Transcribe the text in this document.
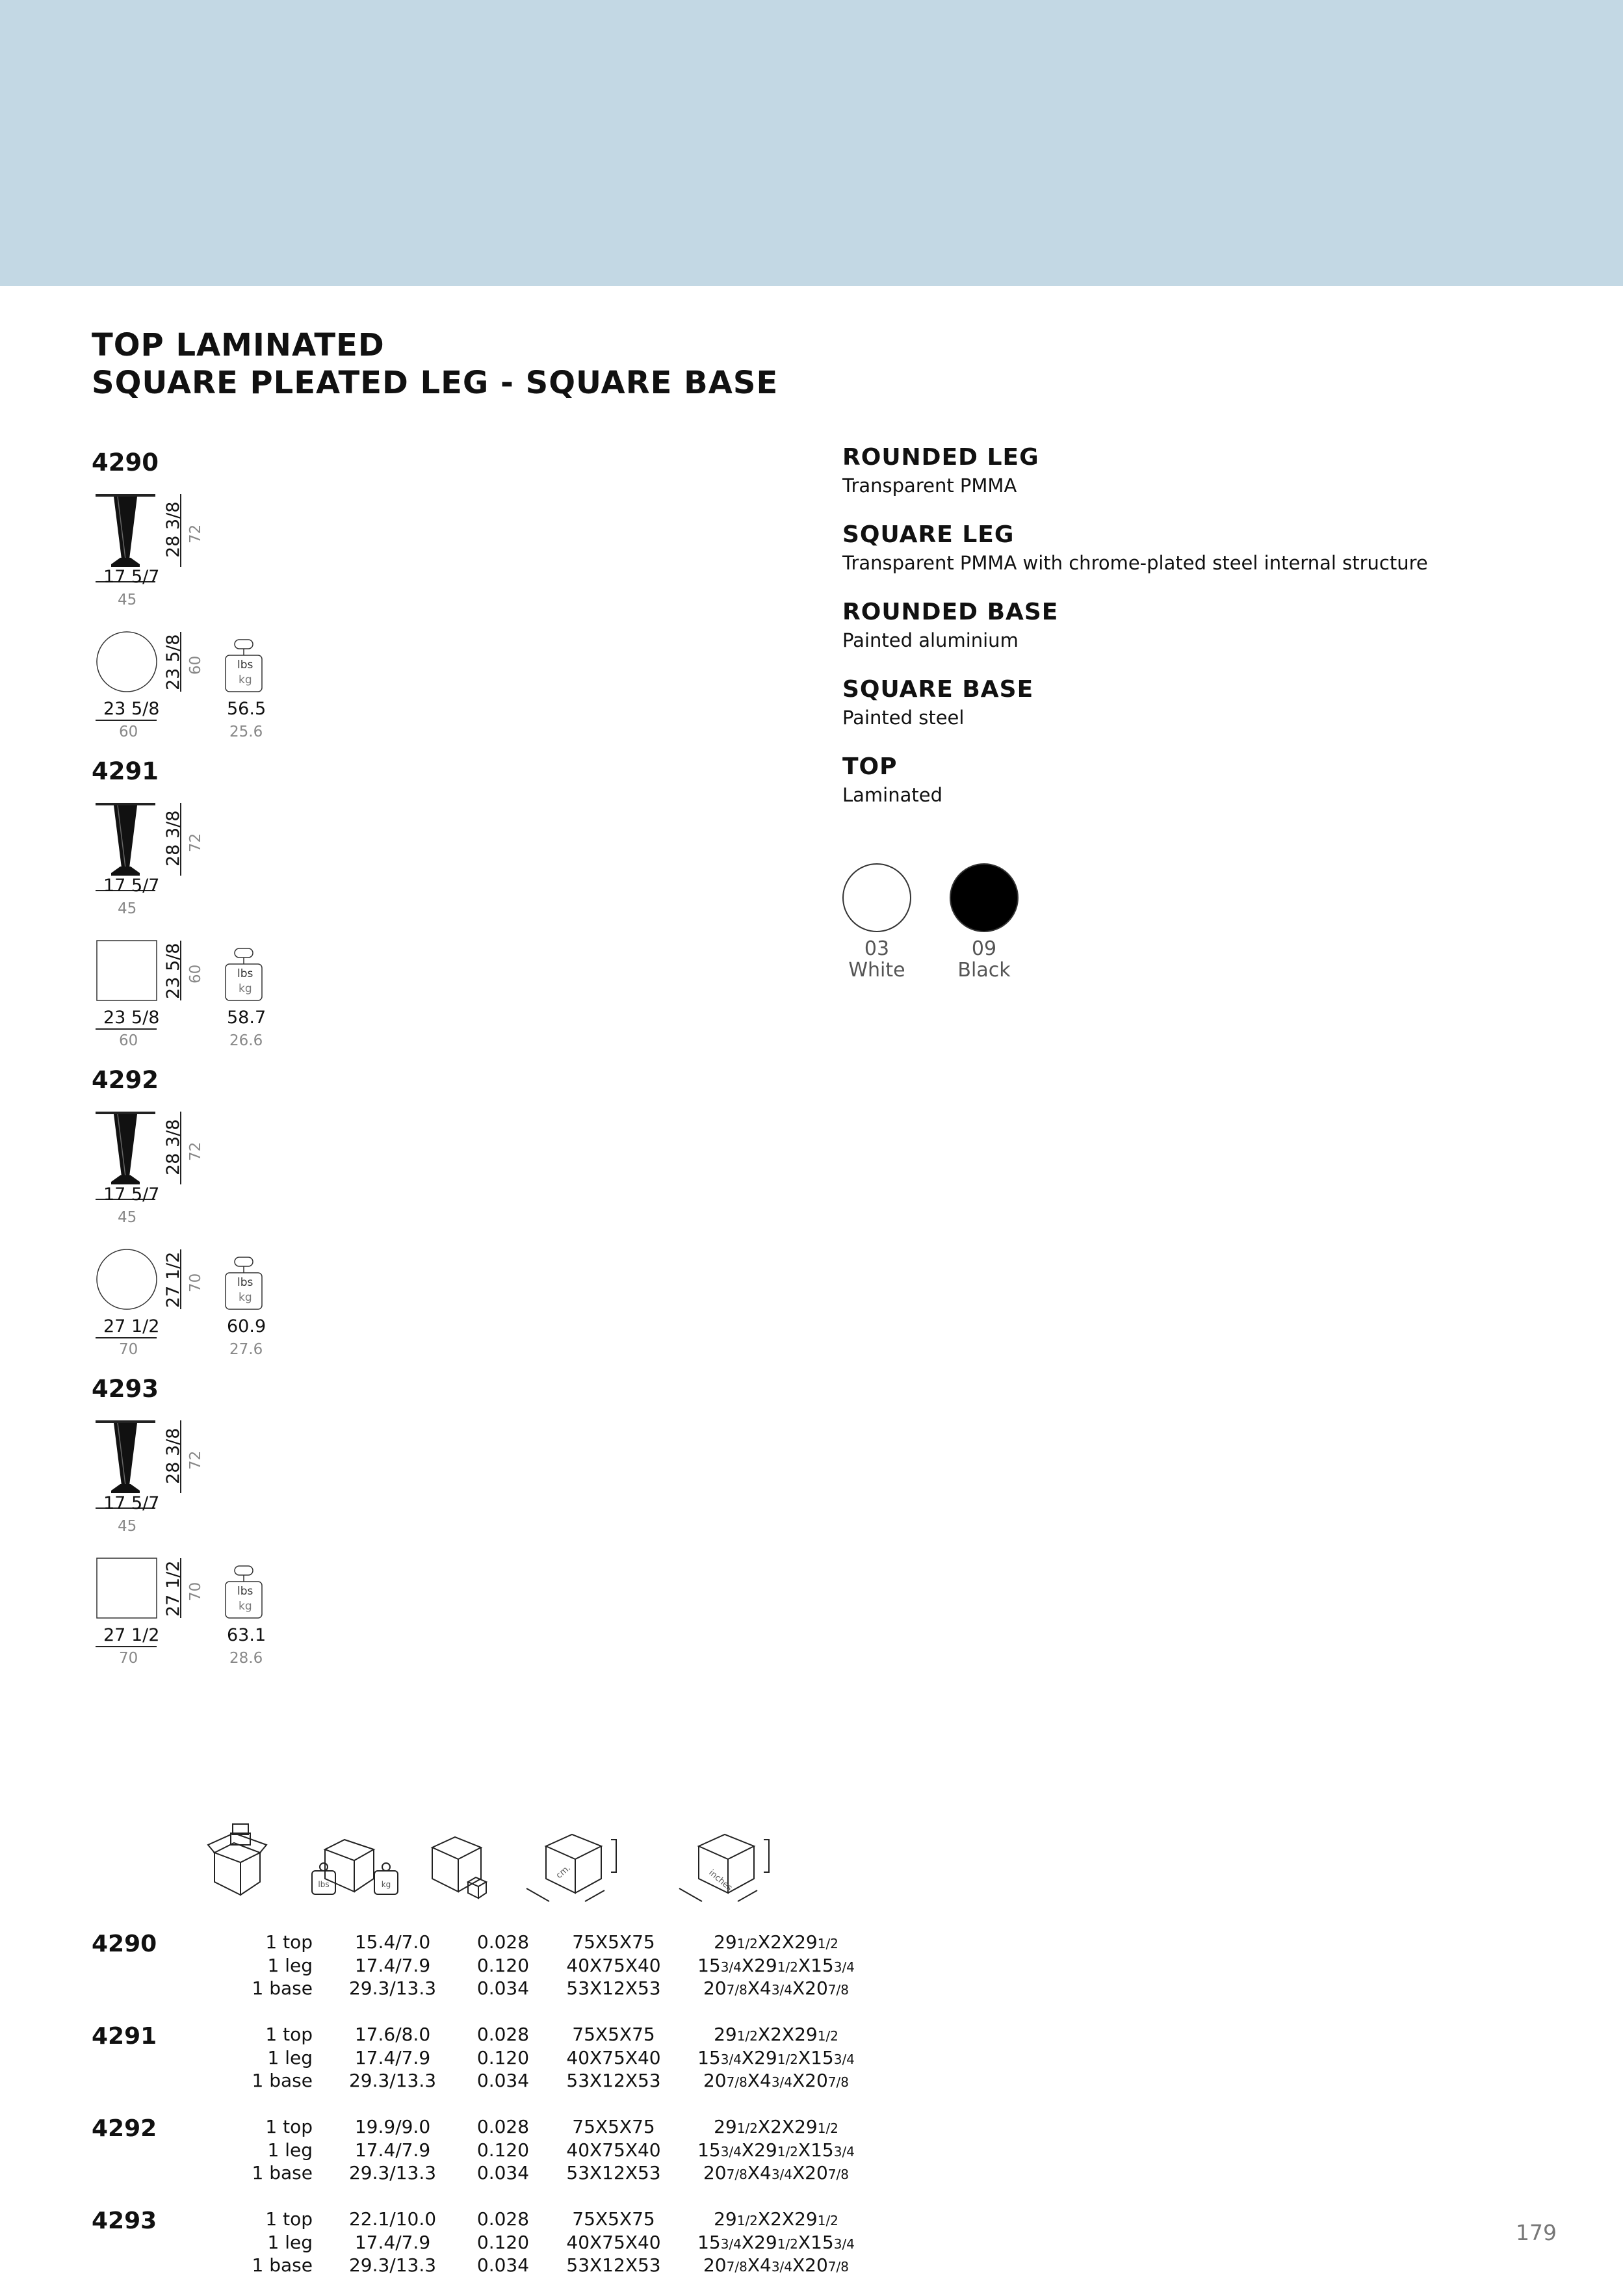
TOP LAMINATED
SQUARE PLEATED LEG - SQUARE BASE
4290
28 3/8 72
17 5/7
45
23 5/8 60
23 5/8
60
lbs
kg
56.5
25.6
4291
28 3/8 72
17 5/7
45
23 5/8 60
23 5/8
60
lbs
kg
58.7
26.6
4292
28 3/8 72
17 5/7
45
27 1/2 70
27 1/2
70
lbs
kg
60.9
27.6
4293
28 3/8 72
17 5/7
45
27 1/2 70
27 1/2
70
lbs
kg
63.1
28.6
ROUNDED LEG
Transparent PMMA
SQUARE LEG
Transparent PMMA with chrome-plated steel internal structure
ROUNDED BASE
Painted aluminium
SQUARE BASE
Painted steel
TOP
Laminated
03
White
09
Black
lbs	kg
cm.	inches
4290	1 top	15.4/7.0	0.028	75X5X75	291/2X2X291/2
	1 leg	17.4/7.9	0.120	40X75X40	153/4X291/2X153/4
	1 base	29.3/13.3	0.034	53X12X53	207/8X43/4X207/8

4291	1 top	17.6/8.0	0.028	75X5X75	291/2X2X291/2
	1 leg	17.4/7.9	0.120	40X75X40	153/4X291/2X153/4
	1 base	29.3/13.3	0.034	53X12X53	207/8X43/4X207/8

4292	1 top	19.9/9.0	0.028	75X5X75	291/2X2X291/2
	1 leg	17.4/7.9	0.120	40X75X40	153/4X291/2X153/4
	1 base	29.3/13.3	0.034	53X12X53	207/8X43/4X207/8

4293	1 top	22.1/10.0	0.028	75X5X75	291/2X2X291/2
	1 leg	17.4/7.9	0.120	40X75X40	153/4X291/2X153/4
	1 base	29.3/13.3	0.034	53X12X53	207/8X43/4X207/8
179
